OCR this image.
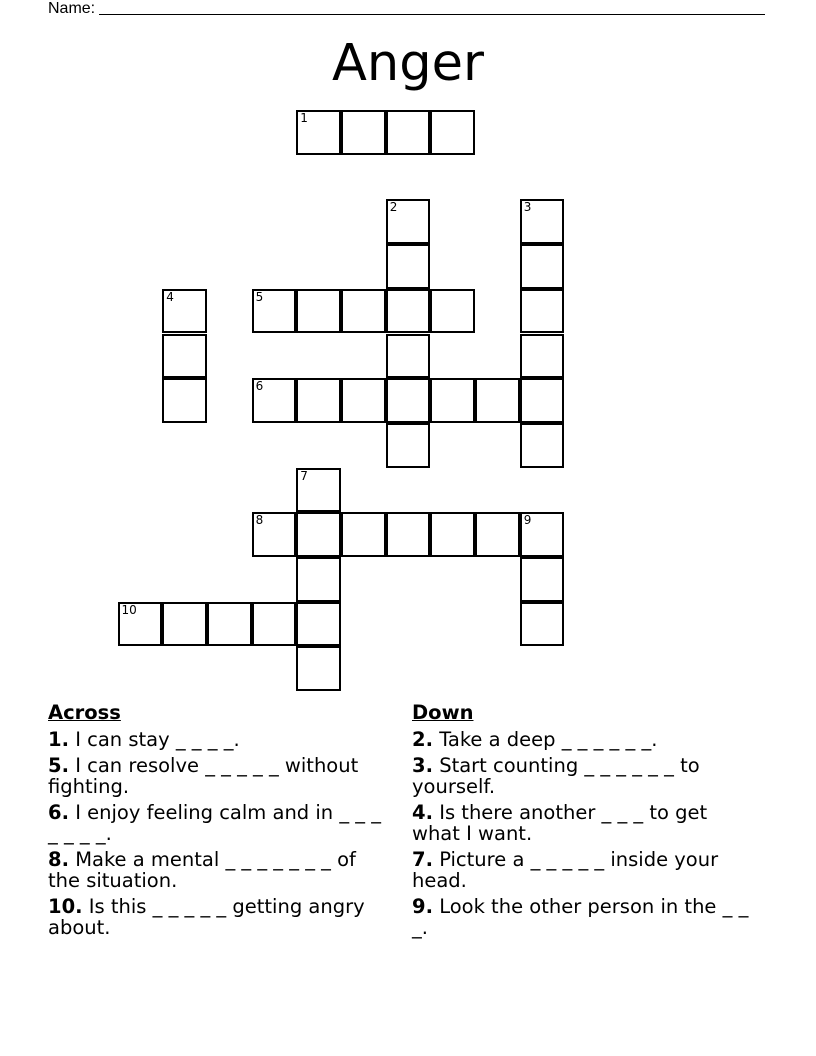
Name:
Anger
1
2	3
4	5
6
7
8	9
10
Across
1. I can stay _ _ _ _.
5. I can resolve _ _ _ _ _ without fighting.
6. I enjoy feeling calm and in _ _ _ _ _ _ _.
8. Make a mental _ _ _ _ _ _ _ of the situation.
10. Is this _ _ _ _ _ getting angry about.
Down
2. Take a deep _ _ _ _ _ _.
3. Start counting _ _ _ _ _ _ to yourself.
4. Is there another _ _ _ to get what I want.
7. Picture a _ _ _ _ _ inside your head.
9. Look the other person in the _ _ _.
